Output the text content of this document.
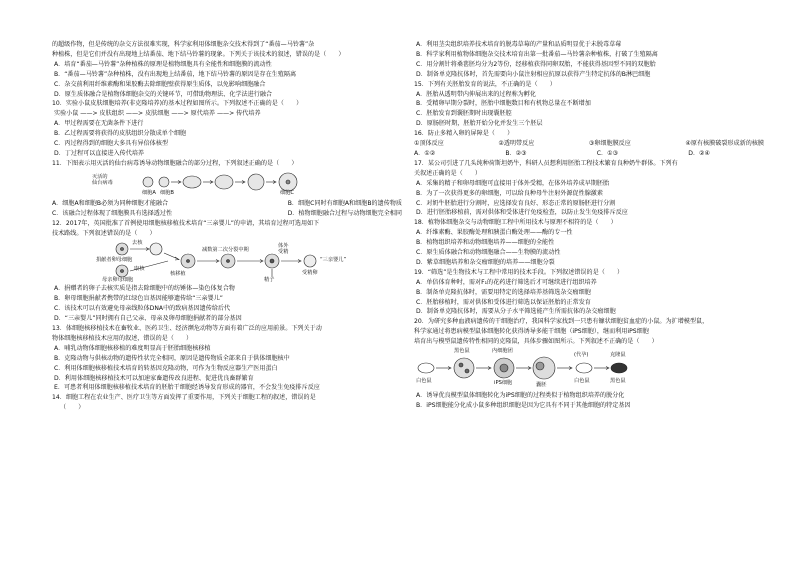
的超级作物，但是传统的杂交方法很难实现，科学家利用体细胞杂交技术得到了“番茄—马铃薯”杂

种植株，但是它们并没有出现地上结番茄、地下结马铃薯的现象。下列关于该技术的叙述，错误的是（　　）

A．培育“番茄—马铃薯”杂种植株的原理是植物细胞具有全能性和细胞膜的流动性

B．“番茄—马铃薯”杂种植株，没有出现地上结番茄，地下结马铃薯的原因是存在生殖隔离

C．杂交前利用纤维素酶和果胶酶去除细胞壁获得原生质体，以免影响细胞融合

D．原生质体融合是植物体细胞杂交的关键环节，可借助物理法、化学法进行融合

10．实验小鼠皮肤细胞培养(非克隆培养)的基本过程如图所示。下列叙述不正确的是（　　）

实验小鼠 ——> 皮肤组织 ——> 皮肤细胞 ——> 原代培养 ——> 传代培养

A．甲过程需要在无菌条件下进行

B．乙过程需要将获得的皮肤组织分散成单个细胞

C．丙过程得到的细胞大多具有异倍体核型

D．丁过程可以直接进入传代培养

11．下图表示用灭活的仙台病毒诱导动物细胞融合的部分过程，下列叙述正确的是（　　）

灭活的
仙台病毒
细胞A 细胞B	细胞C
A．细胞A和细胞B必须为同种细胞才能融合	B．细胞C同时有细胞A和细胞B的遗传物质
C．该融合过程体现了细胞膜具有选择透过性	D．植物细胞融合过程与动物细胞完全相同

12．2017年，英国批准了首例使用细胞核移植技术培育“三亲婴儿”的申请，其培育过程可选用如下

技术路线。下列叙述错误的是（　　）

去核
捐献者卵母细胞
取核
母亲卵母细胞
核移植
减数第二次分裂中期
体外
受精
精子
受精卵
“三亲婴儿”

A．捐赠者的卵子去核实质是指去除细胞中的纺锤体—染色体复合物

B．卵母细胞捐献者携带的红绿色盲基因能够遗传给“三亲婴儿”

C．该技术可以有效避免母亲线粒体DNA中的致病基因遗传给后代

D．“三亲婴儿”同时拥有自己父亲、母亲及卵母细胞捐献者的部分基因

13．体细胞核移植技术在畜牧业、医药卫生、经济濒危动物等方面有着广泛的应用前景。下列关于动

物体细胞核移植技术应用的叙述，错误的是（　　）

A．哺乳动物体细胞核移植的难度明显高于胚胎细胞核移植

B．克隆动物与供核动物的遗传性状完全相同，原因是遗传物质全部来自于供体细胞核中

C．利用体细胞核移植技术培育的转基因克隆动物，可作为生物反应器生产医用蛋白

D．利用体细胞核移植技术可以加速家畜遗传改良进程、促进优良畜群繁育

E．可患者利用体细胞核移植技术培育的胚胎干细胞经诱导发育形成的器官，不会发生免疫排斥反应

14．细胞工程在农业生产、医疗卫生等方面发挥了重要作用，下列关于细胞工程的叙述，错误的是

（　　）

A．利用茎尖组织培养技术培育的脱毒草莓的产量和品质明显优于未脱毒草莓

B．科学家利用植物体细胞杂交技术培育出第一批番茄—马铃薯杂种植株，打破了生殖隔离

C．用分割针将桑葚胚均分为2等份，经移植获得同卵双胎，不能获得基因型不同的双胞胎

D．制备单克隆抗体时，首先需要向小鼠注射相应抗原以获得产生特定抗体的B淋巴细胞

15．下列有关胚胎发育的说法，不正确的是（　　）

A．胚胎从透明带内伸展出来的过程称为孵化

B．受精卵早期分裂时，胚胎中细胞数目和有机物总量在不断增加

C．胚胎发育到囊胚期时出现囊胚腔

D．原肠胚时期，胚胎开始分化并发生三个胚层

16．防止多精入卵的屏障是（　　）

①顶体反应	②透明带反应	③卵细胞膜反应	④原有核膜破裂形成新的核膜
A．①②	B．②③	C．①③	D．②④

17．某公司引进了几头纯种荷斯坦奶牛，科研人员想利用胚胎工程技术繁育良种奶牛群体。下列有

关叙述正确的是（　　）

A．采集的精子和卵母细胞可直接用于体外受精，在体外培养成早期胚胎

B．为了一次获得更多的卵细胞，可以给良种母牛注射外源促性腺激素

C．对奶牛胚胎进行分割时，应选择发育良好、形态正常的原肠胚进行分割

D．进行胚胎移植前，需对供体和受体进行免疫检查，以防止发生免疫排斥反应

18．植物体细胞杂交与动物细胞工程中所用技术与原理不相符的是（　　）

A．纤维素酶、果胶酶处理和胰蛋白酶处理——酶的专一性

B．植物组织培养和动物细胞培养——细胞的全能性

C．原生质体融合和动物细胞融合——生物膜的流动性

D．紫草细胞培养和杂交瘤细胞的培养——细胞分裂

19．“筛选”是生物技术与工程中常用的技术手段。下列叙述错误的是（　　）

A．单倍体育种时，需对F₁的花药进行筛选后才可继续进行组织培养

B．制备单克隆抗体时，需要用特定的选择培养基筛选杂交瘤细胞

C．胚胎移植时，需对供体和受体进行筛选以保证胚胎的正常发育

D．制备单克隆抗体时，需要从分子水平筛选能产生所需抗体的杂交瘤细胞

20．为研究多种血液病遗传的干细胞治疗，我国科学家找到一只患有镰状细胞贫血症的小鼠。为扩增模型鼠，

科学家通过将患病模型鼠体细胞转化获得诱导多能干细胞（iPS细胞），继而利用iPS细胞

培育出与模型鼠遗传特性相同的克隆鼠，具体步骤如图所示。下列叙述不正确的是（　　）

白色鼠
黑色鼠	内细胞团
iPS细胞	囊胚
白色鼠
(代孕)	克隆鼠
黑色鼠

A．诱导优良模型鼠体细胞转化为iPS细胞的过程类似于植物组织培养的脱分化

B．iPS细胞能分化成小鼠多种组织细胞是因为它具有不同于其他细胞的特定基因
